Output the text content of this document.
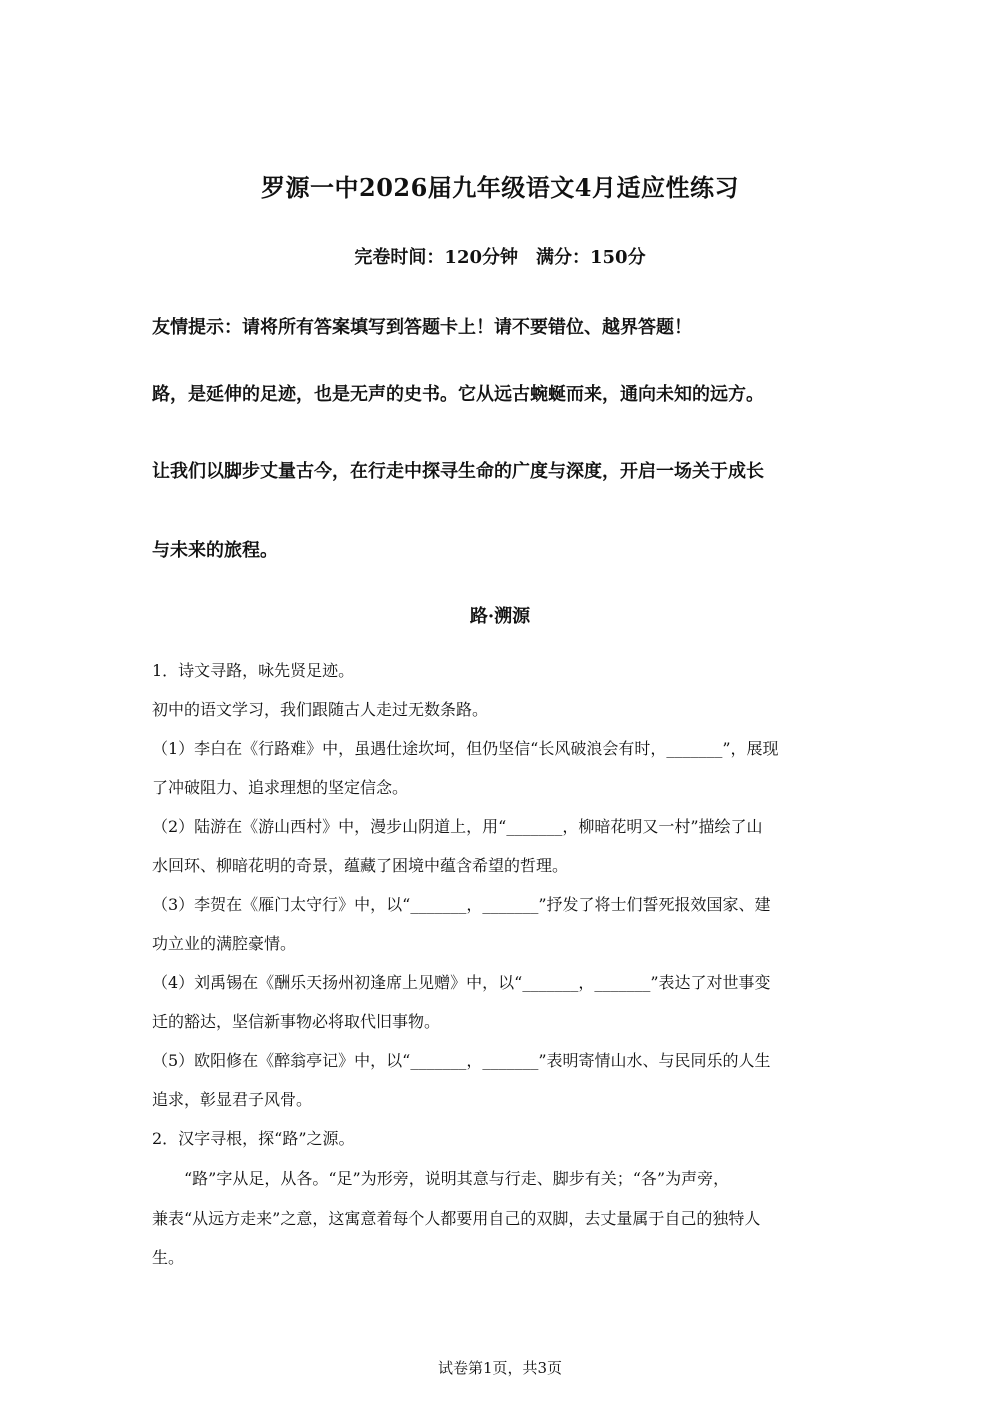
罗源一中2026届九年级语文4月适应性练习
完卷时间：120分钟　满分：150分
友情提示：请将所有答案填写到答题卡上！请不要错位、越界答题！
路，是延伸的足迹，也是无声的史书。它从远古蜿蜒而来，通向未知的远方。
让我们以脚步丈量古今，在行走中探寻生命的广度与深度，开启一场关于成长
与未来的旅程。
路·溯源
1．诗文寻路，咏先贤足迹。
初中的语文学习，我们跟随古人走过无数条路。
（1）李白在《行路难》中，虽遇仕途坎坷，但仍坚信“长风破浪会有时，_______”，展现
了冲破阻力、追求理想的坚定信念。
（2）陆游在《游山西村》中，漫步山阴道上，用“_______，柳暗花明又一村”描绘了山
水回环、柳暗花明的奇景，蕴藏了困境中蕴含希望的哲理。
（3）李贺在《雁门太守行》中，以“_______，_______”抒发了将士们誓死报效国家、建
功立业的满腔豪情。
（4）刘禹锡在《酬乐天扬州初逢席上见赠》中，以“_______，_______”表达了对世事变
迁的豁达，坚信新事物必将取代旧事物。
（5）欧阳修在《醉翁亭记》中，以“_______，_______”表明寄情山水、与民同乐的人生
追求，彰显君子风骨。
2．汉字寻根，探“路”之源。
　　“路”字从足，从各。“足”为形旁，说明其意与行走、脚步有关；“各”为声旁，
兼表“从远方走来”之意，这寓意着每个人都要用自己的双脚，去丈量属于自己的独特人
生。
试卷第1页，共3页
